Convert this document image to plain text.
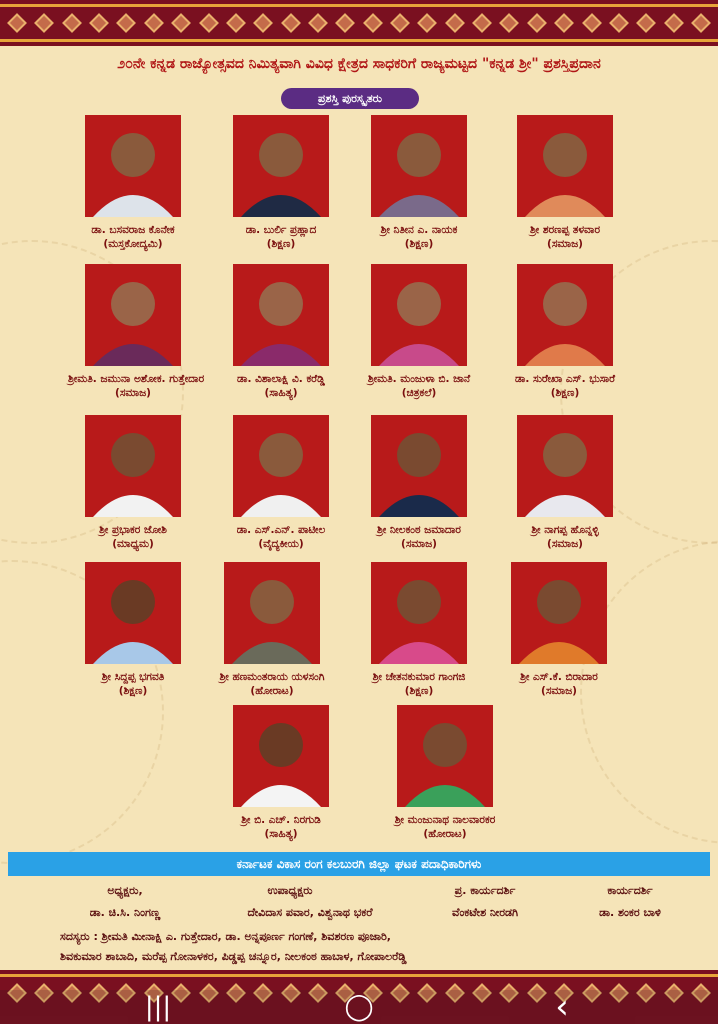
೨೦ನೇ ಕನ್ನಡ ರಾಜ್ಯೋತ್ಸವದ ನಿಮಿತ್ಯವಾಗಿ ವಿವಿಧ ಕ್ಷೇತ್ರದ ಸಾಧಕರಿಗೆ ರಾಜ್ಯಮಟ್ಟದ "ಕನ್ನಡ ಶ್ರೀ" ಪ್ರಶಸ್ತಿಪ್ರದಾನ
ಪ್ರಶಸ್ತಿ ಪುರಸ್ಕೃತರು
ಡಾ. ಬಸವರಾಜ ಕೊನೇಕ
(ಮಸ್ತಕೋದ್ಯಮಿ)
ಡಾ. ಬುರ್ಲಿ ಪ್ರಹ್ಲಾದ
(ಶಿಕ್ಷಣ)
ಶ್ರೀ ನಿತೀನ ಎ. ನಾಯಕ
(ಶಿಕ್ಷಣ)
ಶ್ರೀ ಶರಣಪ್ಪ ತಳವಾರ
(ಸಮಾಜ)
ಶ್ರೀಮತಿ. ಜಮುನಾ ಅಶೋಕ. ಗುತ್ತೇದಾರ
(ಸಮಾಜ)
ಡಾ. ವಿಶಾಲಾಕ್ಷಿ ವಿ. ಕರೆಡ್ಡಿ
(ಸಾಹಿತ್ಯ)
ಶ್ರೀಮತಿ. ಮಂಜುಳಾ ಬಿ. ಜಾನೆ
(ಚಿತ್ರಕಲೆ)
ಡಾ. ಸುರೇಖಾ ಎಸ್. ಭುಸಾರೆ
(ಶಿಕ್ಷಣ)
ಶ್ರೀ ಪ್ರಭಾಕರ ಜೋಶಿ
(ಮಾಧ್ಯಮ)
ಡಾ. ಎಸ್.ಎನ್. ಪಾಟೀಲ
(ವೈದ್ಯಕೀಯ)
ಶ್ರೀ ನೀಲಕಂಠ ಜಮಾದಾರ
(ಸಮಾಜ)
ಶ್ರೀ ನಾಗಪ್ಪ ಹೊನ್ನಳ್ಳಿ
(ಸಮಾಜ)
ಶ್ರೀ ಸಿದ್ದಪ್ಪ ಭಗವತಿ
(ಶಿಕ್ಷಣ)
ಶ್ರೀ ಹಣಮಂತರಾಯ ಯಳಸಂಗಿ
(ಹೋರಾಟ)
ಶ್ರೀ ಚೇತನಕುಮಾರ ಗಾಂಗಜಿ
(ಶಿಕ್ಷಣ)
ಶ್ರೀ ಎಸ್.ಕೆ. ಬಿರಾದಾರ
(ಸಮಾಜ)
ಶ್ರೀ ಬಿ. ಎಚ್. ನಿರಗುಡಿ
(ಸಾಹಿತ್ಯ)
ಶ್ರೀ ಮಂಜುನಾಥ ನಾಲವಾರಕರ
(ಹೋರಾಟ)
ಕರ್ನಾಟಕ ವಿಕಾಸ ರಂಗ ಕಲಬುರಗಿ ಜಿಲ್ಲಾ ಘಟಕ ಪದಾಧಿಕಾರಿಗಳು
ಅಧ್ಯಕ್ಷರು,	ಉಪಾಧ್ಯಕ್ಷರು	ಪ್ರ. ಕಾರ್ಯದರ್ಶಿ	ಕಾರ್ಯದರ್ಶಿ
ಡಾ. ಚಿ.ಸಿ. ನಿಂಗಣ್ಣ	ದೇವಿದಾಸ ಪವಾರ, ವಿಶ್ವನಾಥ ಭಕರೆ	ವೆಂಕಟೇಶ ನೀರಡಗಿ	ಡಾ. ಶಂಕರ ಬಾಳಿ
ಸದಸ್ಯರು : ಶ್ರೀಮತಿ ಮೀನಾಕ್ಷಿ ಎ. ಗುತ್ತೇದಾರ, ಡಾ. ಅನ್ನಪೂರ್ಣ ಗಂಗಣೆ, ಶಿವಶರಣ ಪೂಜಾರಿ,
ಶಿವಕುಮಾರ ಶಾಬಾದಿ, ಮರೆಪ್ಪ ಗೋನಾಳಕರ, ಪಿಡ್ಡಪ್ಪ ಚನ್ನೂರ, ನೀಲಕಂಠ ಹಾಬಾಳ, ಗೋಪಾಲರೆಡ್ಡಿ
|||	◯	‹
